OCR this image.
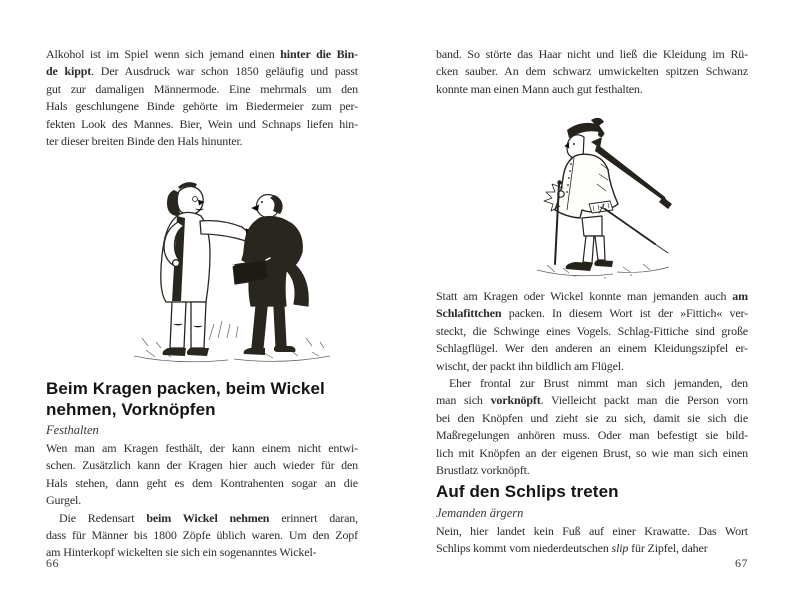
Alkohol ist im Spiel wenn sich jemand einen hinter die Bin-
de kippt. Der Ausdruck war schon 1850 geläufig und passt
gut zur damaligen Männermode. Eine mehrmals um den
Hals geschlungene Binde gehörte im Biedermeier zum per-
fekten Look des Mannes. Bier, Wein und Schnaps liefen hin-
ter dieser breiten Binde den Hals hinunter.
Beim Kragen packen, beim Wickel nehmen, Vorknöpfen
Festhalten
Wen man am Kragen festhält, der kann einem nicht entwi-
schen. Zusätzlich kann der Kragen hier auch wieder für den
Hals stehen, dann geht es dem Kontrahenten sogar an die
Gurgel.
Die Redensart beim Wickel nehmen erinnert daran,
dass für Männer bis 1800 Zöpfe üblich waren. Um den Zopf
am Hinterkopf wickelten sie sich ein sogenanntes Wickel-
66
band. So störte das Haar nicht und ließ die Kleidung im Rü-
cken sauber. An dem schwarz umwickelten spitzen Schwanz
konnte man einen Mann auch gut festhalten.
Statt am Kragen oder Wickel konnte man jemanden auch am
Schlafittchen packen. In diesem Wort ist der »Fittich« ver-
steckt, die Schwinge eines Vogels. Schlag-Fittiche sind große
Schlagflügel. Wer den anderen an einem Kleidungszipfel er-
wischt, der packt ihn bildlich am Flügel.
Eher frontal zur Brust nimmt man sich jemanden, den
man sich vorknöpft. Vielleicht packt man die Person vorn
bei den Knöpfen und zieht sie zu sich, damit sie sich die
Maßregelungen anhören muss. Oder man befestigt sie bild-
lich mit Knöpfen an der eigenen Brust, so wie man sich einen
Brustlatz vorknöpft.
Auf den Schlips treten
Jemanden ärgern
Nein, hier landet kein Fuß auf einer Krawatte. Das Wort
Schlips kommt vom niederdeutschen slip für Zipfel, daher
67
